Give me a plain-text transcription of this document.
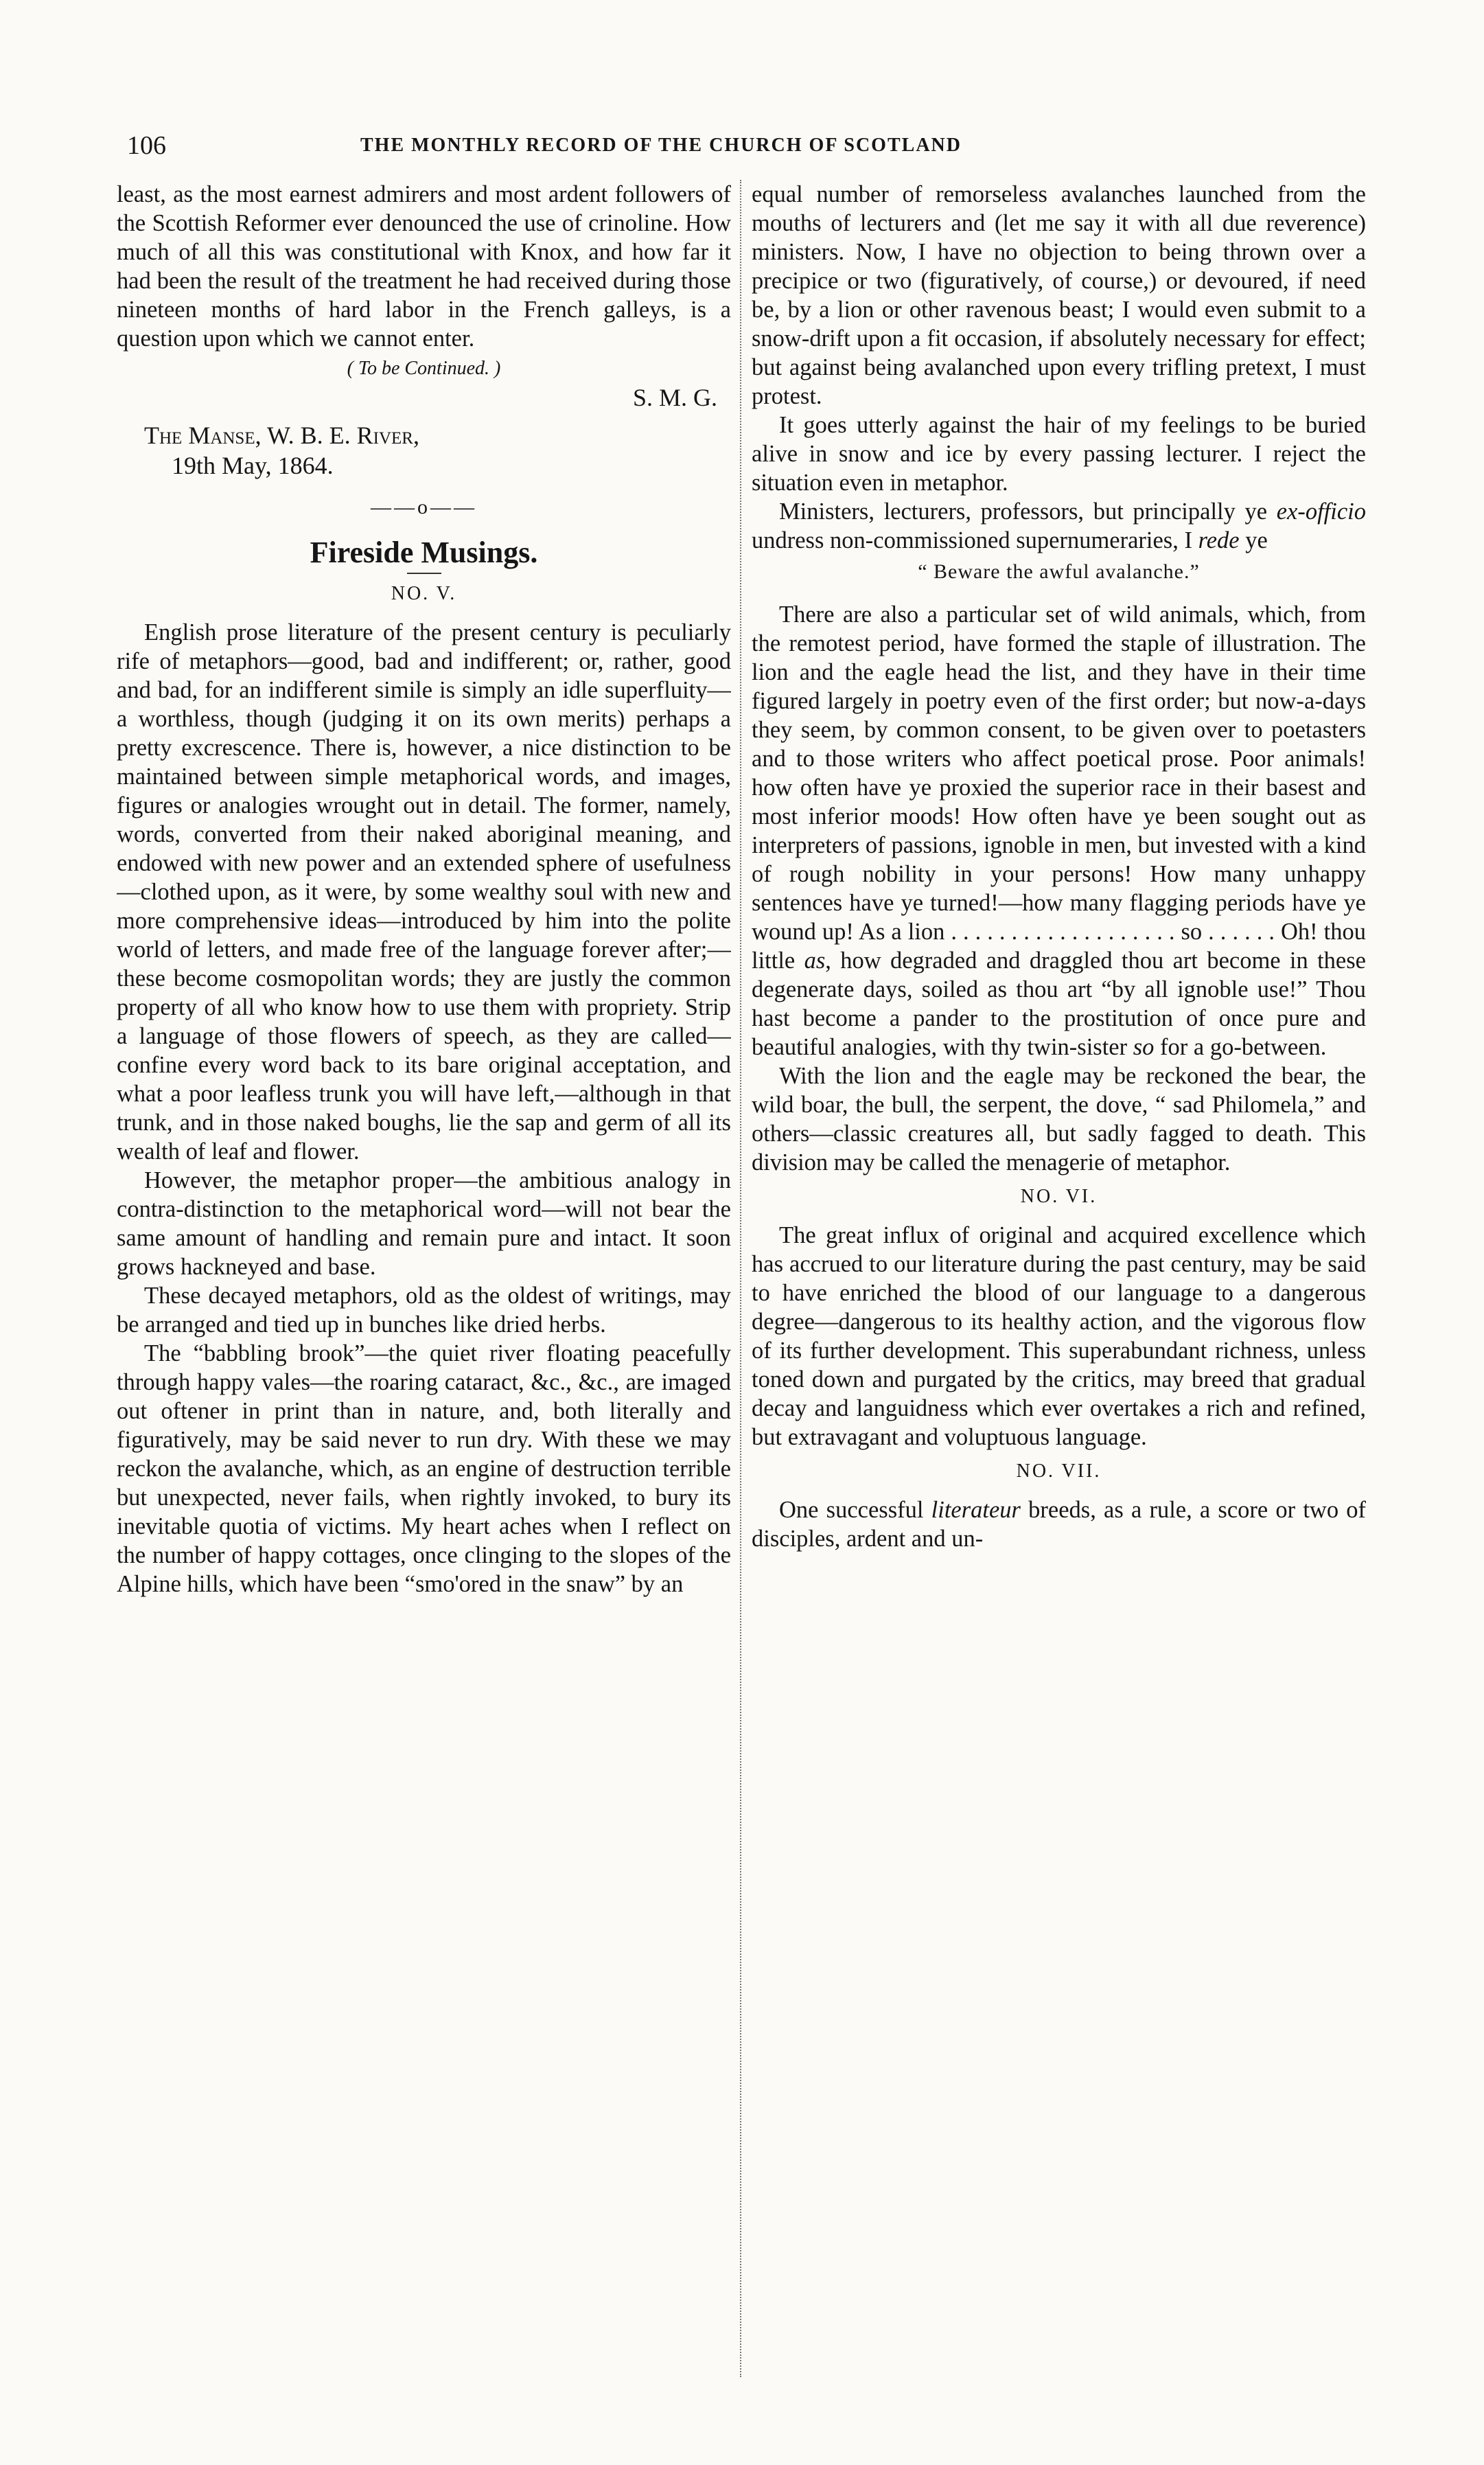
106	THE MONTHLY RECORD OF THE CHURCH OF SCOTLAND

least, as the most earnest admirers and most ardent followers of the Scottish Reformer ever denounced the use of crinoline. How much of all this was constitutional with Knox, and how far it had been the result of the treatment he had received during those nineteen months of hard labor in the French galleys, is a question upon which we cannot enter.

( To be Continued. )

S. M. G.

The Manse, W. B. E. River,
19th May, 1864.

——o——

Fireside Musings.

NO. V.

English prose literature of the present century is peculiarly rife of metaphors—good, bad and indifferent; or, rather, good and bad, for an indifferent simile is simply an idle superfluity—a worthless, though (judging it on its own merits) perhaps a pretty excrescence. There is, however, a nice distinction to be maintained between simple metaphorical words, and images, figures or analogies wrought out in detail. The former, namely, words, converted from their naked aboriginal meaning, and endowed with new power and an extended sphere of usefulness—clothed upon, as it were, by some wealthy soul with new and more comprehensive ideas—introduced by him into the polite world of letters, and made free of the language forever after;—these become cosmopolitan words; they are justly the common property of all who know how to use them with propriety. Strip a language of those flowers of speech, as they are called—confine every word back to its bare original acceptation, and what a poor leafless trunk you will have left,—although in that trunk, and in those naked boughs, lie the sap and germ of all its wealth of leaf and flower.

However, the metaphor proper—the ambitious analogy in contra-distinction to the metaphorical word—will not bear the same amount of handling and remain pure and intact. It soon grows hackneyed and base.

These decayed metaphors, old as the oldest of writings, may be arranged and tied up in bunches like dried herbs.

The “babbling brook”—the quiet river floating peacefully through happy vales—the roaring cataract, &c., &c., are imaged out oftener in print than in nature, and, both literally and figuratively, may be said never to run dry. With these we may reckon the avalanche, which, as an engine of destruction terrible but unexpected, never fails, when rightly invoked, to bury its inevitable quotia of victims. My heart aches when I reflect on the number of happy cottages, once clinging to the slopes of the Alpine hills, which have been “smo'ored in the snaw” by an

equal number of remorseless avalanches launched from the mouths of lecturers and (let me say it with all due reverence) ministers. Now, I have no objection to being thrown over a precipice or two (figuratively, of course,) or devoured, if need be, by a lion or other ravenous beast; I would even submit to a snow-drift upon a fit occasion, if absolutely necessary for effect; but against being avalanched upon every trifling pretext, I must protest.

It goes utterly against the hair of my feelings to be buried alive in snow and ice by every passing lecturer. I reject the situation even in metaphor.

Ministers, lecturers, professors, but principally ye ex-officio undress non-commissioned supernumeraries, I rede ye

“ Beware the awful avalanche.”

There are also a particular set of wild animals, which, from the remotest period, have formed the staple of illustration. The lion and the eagle head the list, and they have in their time figured largely in poetry even of the first order; but now-a-days they seem, by common consent, to be given over to poetasters and to those writers who affect poetical prose. Poor animals! how often have ye proxied the superior race in their basest and most inferior moods! How often have ye been sought out as interpreters of passions, ignoble in men, but invested with a kind of rough nobility in your persons! How many unhappy sentences have ye turned!—how many flagging periods have ye wound up! As a lion . . . . . . . . . . . . . . . . . . . so . . . . . . Oh! thou little as, how degraded and draggled thou art become in these degenerate days, soiled as thou art “by all ignoble use!” Thou hast become a pander to the prostitution of once pure and beautiful analogies, with thy twin-sister so for a go-between.

With the lion and the eagle may be reckoned the bear, the wild boar, the bull, the serpent, the dove, “ sad Philomela,” and others—classic creatures all, but sadly fagged to death. This division may be called the menagerie of metaphor.

NO. VI.

The great influx of original and acquired excellence which has accrued to our literature during the past century, may be said to have enriched the blood of our language to a dangerous degree—dangerous to its healthy action, and the vigorous flow of its further development. This superabundant richness, unless toned down and purgated by the critics, may breed that gradual decay and languidness which ever overtakes a rich and refined, but extravagant and voluptuous language.

NO. VII.

One successful literateur breeds, as a rule, a score or two of disciples, ardent and un-
